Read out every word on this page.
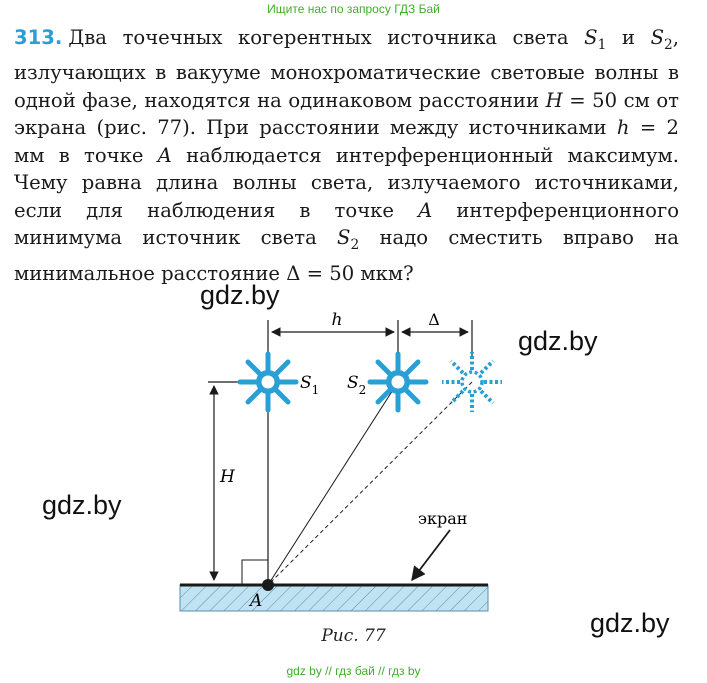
Ищите нас по запросу ГДЗ Бай
313. Два точечных когерентных источника света $S_1$ и $S_2$, излучающих в вакууме монохроматические световые волны в одной фазе, находятся на одинаковом расстоянии H = 50 см от экрана (рис. 77). При расстоянии между источниками h = 2 мм в точке A наблюдается интерференционный максимум. Чему равна длина волны света, излучаемого источниками, если для наблюдения в точке A интерференционного минимума источник света $S_2$ надо сместить вправо на минимальное расстояние Δ = 50 мкм?
gdz.by
gdz.by
gdz.by
gdz.by
h	Δ
$S_1$ $S_2$
H
экран
A
Рис. 77
gdz by // гдз бай // гдз by
